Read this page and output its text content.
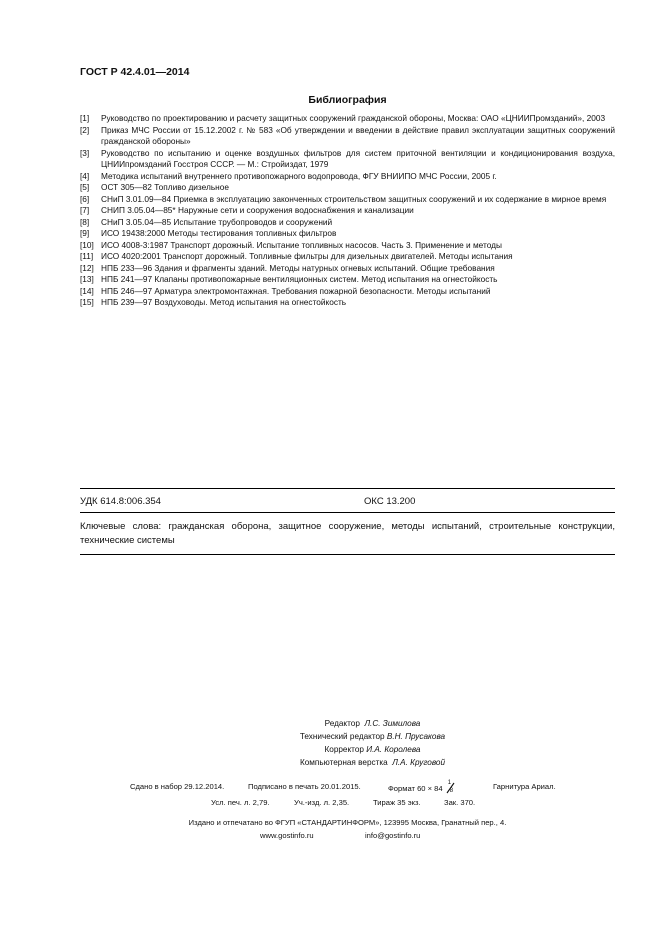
ГОСТ Р 42.4.01—2014
Библиография
[1]	Руководство по проектированию и расчету защитных сооружений гражданской обороны, Москва: ОАО «ЦНИИПромзданий», 2003
[2]	Приказ МЧС России от 15.12.2002 г. № 583 «Об утверждении и введении в действие правил эксплуатации защитных сооружений гражданской обороны»
[3]	Руководство по испытанию и оценке воздушных фильтров для систем приточной вентиляции и кондиционирования воздуха, ЦНИИпромзданий Госстроя СССР. — М.: Стройиздат, 1979
[4]	Методика испытаний внутреннего противопожарного водопровода, ФГУ ВНИИПО МЧС России, 2005 г.
[5]	ОСТ 305—82 Топливо дизельное
[6]	СНиП 3.01.09—84 Приемка в эксплуатацию законченных строительством защитных сооружений и их содержание в мирное время
[7]	СНИП 3.05.04—85* Наружные сети и сооружения водоснабжения и канализации
[8]	СНиП 3.05.04—85 Испытание трубопроводов и сооружений
[9]	ИСО 19438:2000 Методы тестирования топливных фильтров
[10] ИСО 4008-3:1987 Транспорт дорожный. Испытание топливных насосов. Часть 3. Применение и методы
[11] ИСО 4020:2001 Транспорт дорожный. Топливные фильтры для дизельных двигателей. Методы испытания
[12] НПБ 233—96 Здания и фрагменты зданий. Методы натурных огневых испытаний. Общие требования
[13] НПБ 241—97 Клапаны противопожарные вентиляционных систем. Метод испытания на огнестойкость
[14] НПБ 246—97 Арматура электромонтажная. Требования пожарной безопасности. Методы испытаний
[15] НПБ 239—97 Воздуховоды. Метод испытания на огнестойкость
УДК 614.8:006.354	ОКС 13.200
Ключевые слова: гражданская оборона, защитное сооружение, методы испытаний, строительные конструкции, технические системы
Редактор Л.С. Зимилова
Технический редактор В.Н. Прусакова
Корректор И.А. Королева
Компьютерная верстка Л.А. Круговой
Сдано в набор 29.12.2014.	Подписано в печать 20.01.2015.	Формат 60 × 84
1
8	Гарнитура Ариал.
Усл. печ. л. 2,79.	Уч.-изд. л. 2,35.	Тираж 35 экз.	Зак. 370.
Издано и отпечатано во ФГУП «СТАНДАРТИНФОРМ», 123995 Москва, Гранатный пер., 4.
www.gostinfo.ru	info@gostinfo.ru
